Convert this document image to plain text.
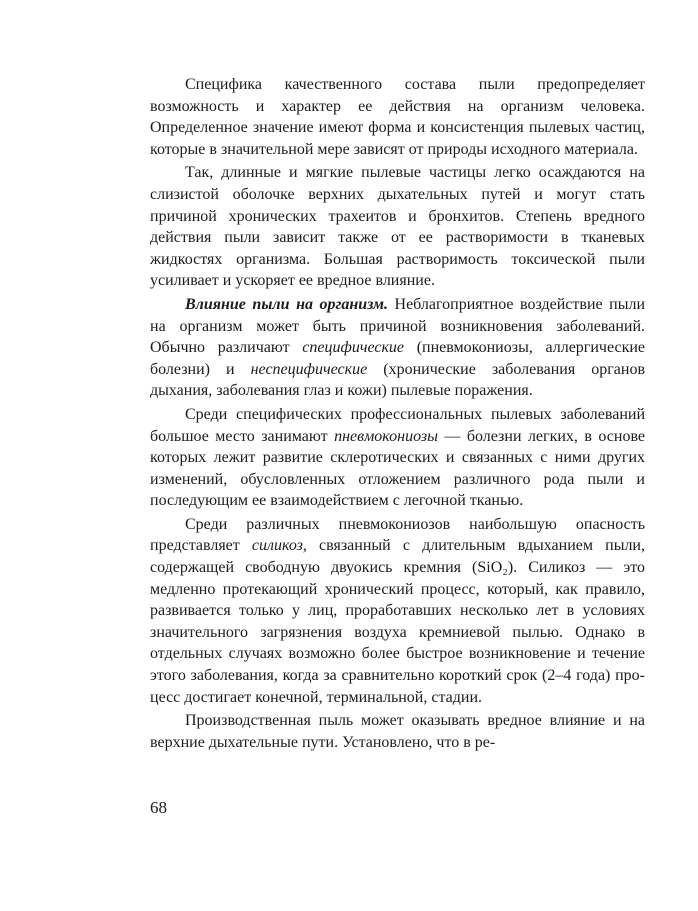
Специфика качественного состава пыли предопределяет возможность и характер ее действия на организм человека. Определенное значение имеют форма и консистенция пылевых частиц, которые в значительной мере зависят от природы исходного материала.

Так, длинные и мягкие пылевые частицы легко осаждаются на слизистой оболочке верхних дыхательных путей и могут стать причиной хронических трахеитов и бронхитов. Степень вредного действия пыли зависит также от ее растворимости в тканевых жидкостях организма. Большая растворимость токсической пыли усиливает и ускоряет ее вредное влияние.

Влияние пыли на организм. Неблагоприятное воздействие пыли на организм может быть причиной возникновения заболеваний. Обычно различают специфические (пневмокониозы, аллергические болезни) и неспецифические (хронические заболевания органов дыхания, заболевания глаз и кожи) пылевые поражения.

Среди специфических профессиональных пылевых заболеваний большое место занимают пневмокониозы — болезни легких, в основе которых лежит развитие склеротических и связанных с ними других изменений, обусловленных отложением различного рода пыли и последующим ее взаимодействием с легочной тканью.

Среди различных пневмокониозов наибольшую опасность представляет силикоз, связанный с длительным вдыханием пыли, содержащей свободную двуокись кремния (SiO₂). Силикоз — это медленно протекающий хронический процесс, который, как правило, развивается только у лиц, проработавших несколько лет в условиях значительного загрязнения воздуха кремниевой пылью. Однако в отдельных случаях возможно более быстрое возникновение и течение этого заболевания, когда за сравнительно короткий срок (2–4 года) процесс достигает конечной, терминальной, стадии.

Производственная пыль может оказывать вредное влияние и на верхние дыхательные пути. Установлено, что в ре-

68
